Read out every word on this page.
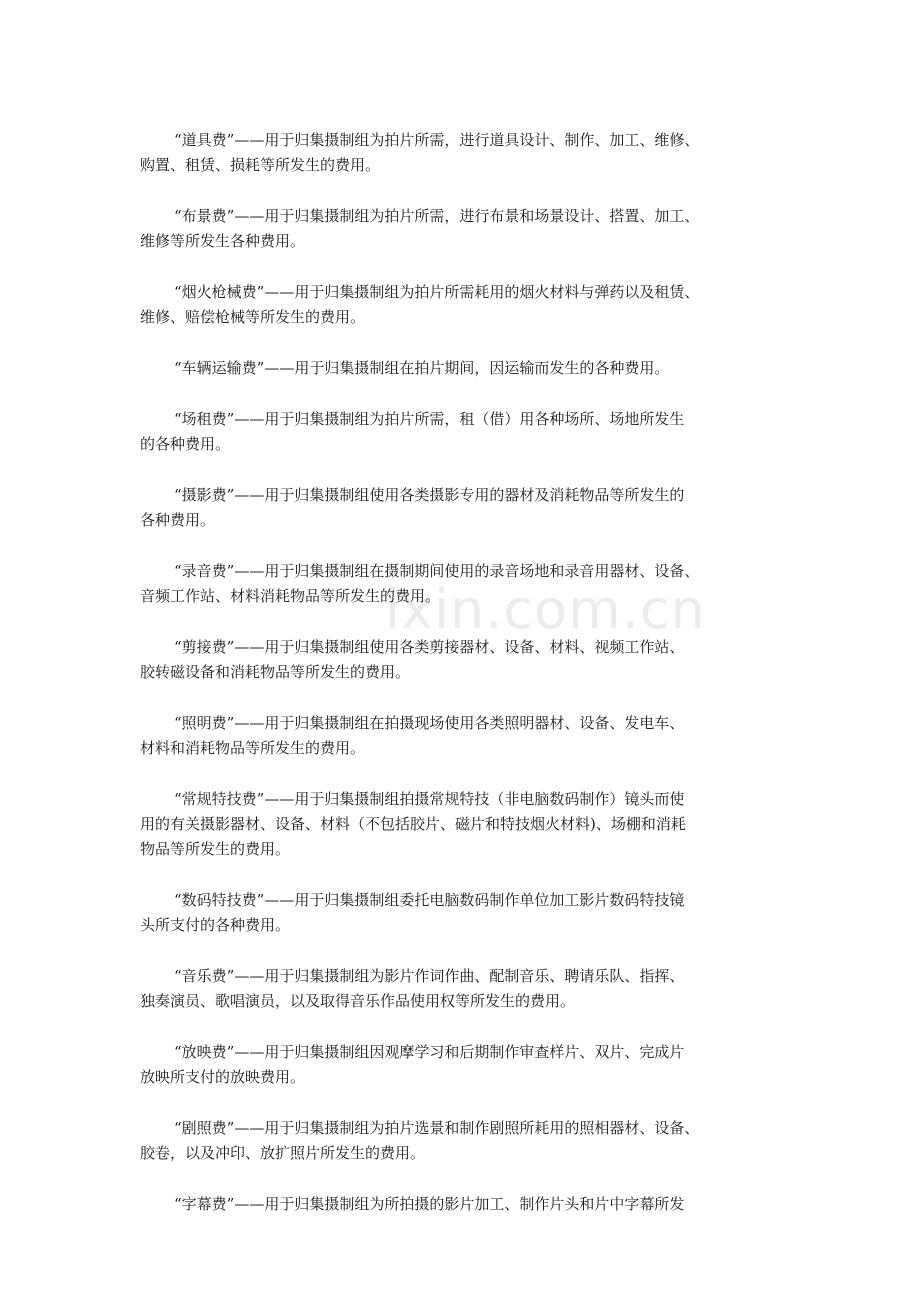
ixin.com.cn

“道具费”——用于归集摄制组为拍片所需，进行道具设计、制作、加工、维修、
购置、租赁、损耗等所发生的费用。

“布景费”——用于归集摄制组为拍片所需，进行布景和场景设计、搭置、加工、
维修等所发生各种费用。

“烟火枪械费”——用于归集摄制组为拍片所需耗用的烟火材料与弹药以及租赁、
维修、赔偿枪械等所发生的费用。

“车辆运输费”——用于归集摄制组在拍片期间，因运输而发生的各种费用。

“场租费”——用于归集摄制组为拍片所需，租（借）用各种场所、场地所发生
的各种费用。

“摄影费”——用于归集摄制组使用各类摄影专用的器材及消耗物品等所发生的
各种费用。

“录音费”——用于归集摄制组在摄制期间使用的录音场地和录音用器材、设备、
音频工作站、材料消耗物品等所发生的费用。

“剪接费”——用于归集摄制组使用各类剪接器材、设备、材料、视频工作站、
胶转磁设备和消耗物品等所发生的费用。

“照明费”——用于归集摄制组在拍摄现场使用各类照明器材、设备、发电车、
材料和消耗物品等所发生的费用。

“常规特技费”——用于归集摄制组拍摄常规特技（非电脑数码制作）镜头而使
用的有关摄影器材、设备、材料（不包括胶片、磁片和特技烟火材料)、场棚和消耗
物品等所发生的费用。

“数码特技费”——用于归集摄制组委托电脑数码制作单位加工影片数码特技镜
头所支付的各种费用。

“音乐费”——用于归集摄制组为影片作词作曲、配制音乐、聘请乐队、指挥、
独奏演员、歌唱演员，以及取得音乐作品使用权等所发生的费用。

“放映费”——用于归集摄制组因观摩学习和后期制作审查样片、双片、完成片
放映所支付的放映费用。

“剧照费”——用于归集摄制组为拍片选景和制作剧照所耗用的照相器材、设备、
胶卷，以及冲印、放扩照片所发生的费用。

“字幕费”——用于归集摄制组为所拍摄的影片加工、制作片头和片中字幕所发
